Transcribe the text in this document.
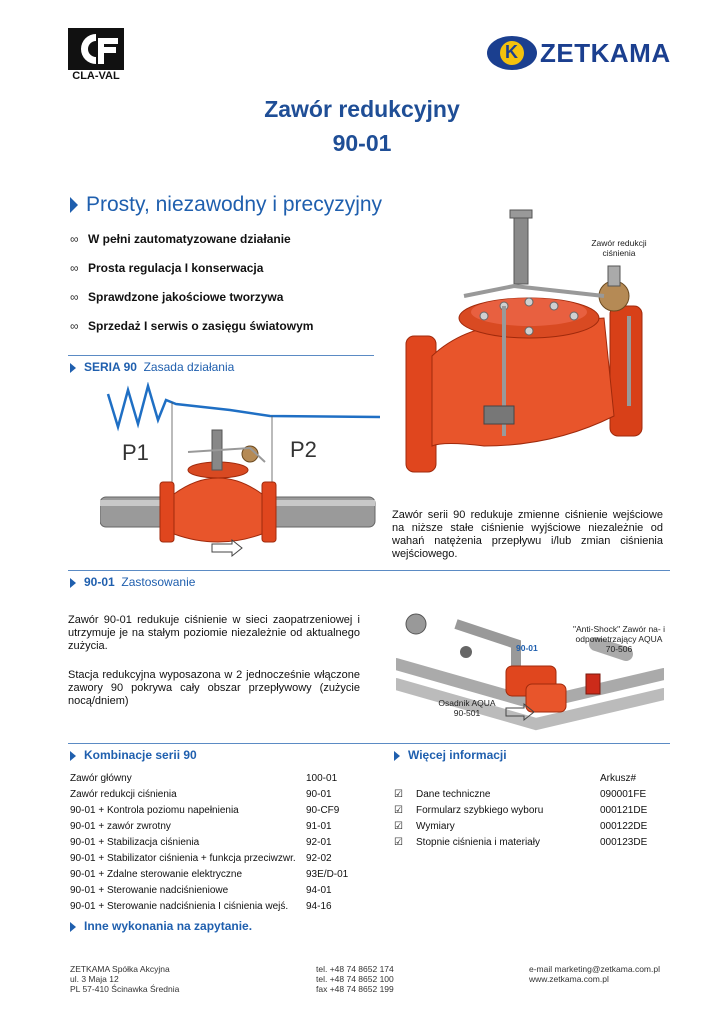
CLA-VAL
K ZETKAMA
Zawór redukcyjny
90-01
Prosty, niezawodny i precyzyjny
∞ W pełni zautomatyzowane działanie
∞ Prosta regulacja I konserwacja
∞ Sprawdzone jakościowe tworzywa
∞ Sprzedaż I serwis o zasięgu światowym
Zawór redukcji ciśnienia
SERIA 90 Zasada działania
P1	P2
Zawór serii 90 redukuje zmienne ciśnienie wejściowe na niższe stałe ciśnienie wyjściowe niezależnie od wahań natężenia przepływu i/lub zmian ciśnienia wejściowego.
90-01 Zastosowanie
Zawór 90-01 redukuje ciśnienie w sieci zaopatrzeniowej i utrzymuje je na stałym poziomie niezależnie od aktualnego zużycia.
Stacja redukcyjna wyposazona w 2 jednocześnie włączone zawory 90 pokrywa cały obszar przepływowy (zużycie nocą/dniem)
90-01
"Anti-Shock" Zawór na- i odpowietrzający AQUA 70-506
Osadnik AQUA 90-501
Kombinacje serii 90
Zawór główny	100-01
Zawór redukcji ciśnienia	90-01
90-01 + Kontrola poziomu napełnienia	90-CF9
90-01 + zawór zwrotny	91-01
90-01 + Stabilizacja ciśnienia	92-01
90-01 + Stabilizator ciśnienia + funkcja przeciwzwr. 92-02
90-01 + Zdalne sterowanie elektryczne	93E/D-01
90-01 + Sterowanie nadciśnieniowe	94-01
90-01 + Sterowanie nadciśnienia I ciśnienia wejś. 94-16
Inne wykonania na zapytanie.
Więcej informacji
Arkusz#
☑ Dane techniczne	090001FE
☑ Formularz szybkiego wyboru	000121DE
☑ Wymiary	000122DE
☑ Stopnie ciśnienia i materiały	000123DE
ZETKAMA Spółka Akcyjna
ul. 3 Maja 12
PL 57-410 Ścinawka Średnia
tel. +48 74 8652 174
tel. +48 74 8652 100
fax +48 74 8652 199
e-mail marketing@zetkama.com.pl
www.zetkama.com.pl
